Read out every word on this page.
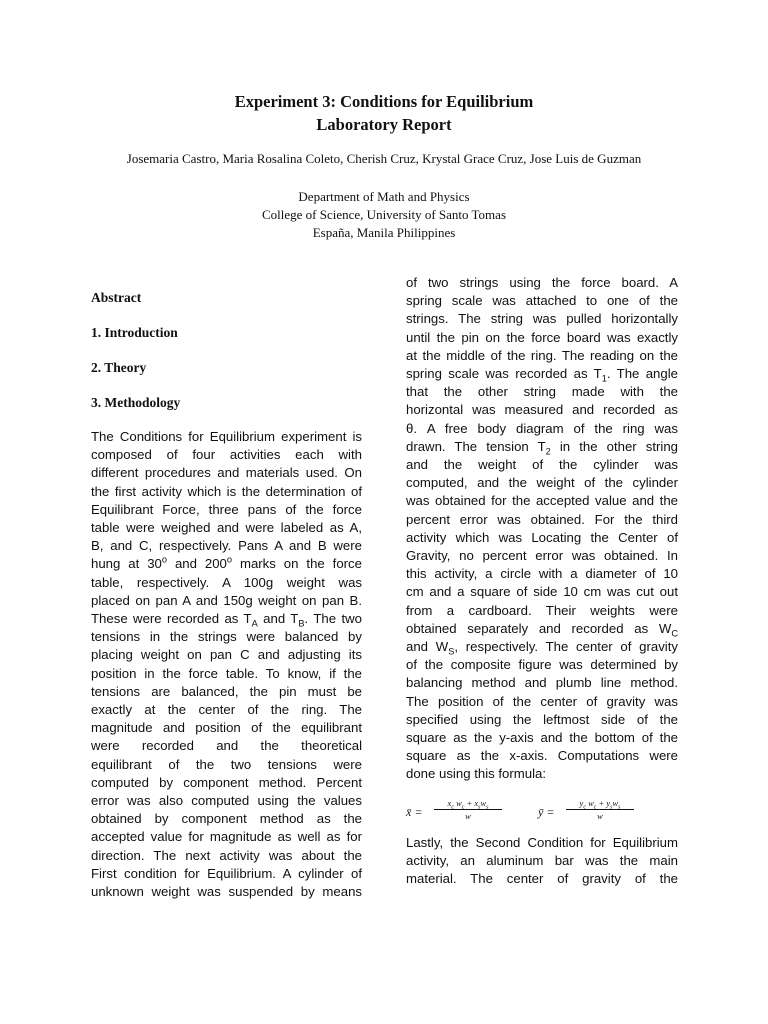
Experiment 3: Conditions for Equilibrium
Laboratory Report
Josemaria Castro, Maria Rosalina Coleto, Cherish Cruz, Krystal Grace Cruz, Jose Luis de Guzman
Department of Math and Physics
College of Science, University of Santo Tomas
España, Manila Philippines
Abstract
1. Introduction
2. Theory
3. Methodology
The Conditions for Equilibrium experiment is
composed of four activities each with
different procedures and materials used. On
the first activity which is the determination of
Equilibrant Force, three pans of the force
table were weighed and were labeled as A,
B, and C, respectively. Pans A and B were
hung at 30$^o$ and 200$^o$ marks on the force
table, respectively. A 100g weight was
placed on pan A and 150g weight on pan B.
These were recorded as $T_A$ and $T_B$. The two
tensions in the strings were balanced by
placing weight on pan C and adjusting its
position in the force table. To know, if the
tensions are balanced, the pin must be
exactly at the center of the ring. The
magnitude and position of the equilibrant
were recorded and the theoretical
equilibrant of the two tensions were
computed by component method. Percent
error was also computed using the values
obtained by component method as the
accepted value for magnitude as well as for
direction. The next activity was about the
First condition for Equilibrium. A cylinder of
unknown weight was suspended by means
of two strings using the force board. A
spring scale was attached to one of the
strings. The string was pulled horizontally
until the pin on the force board was exactly
at the middle of the ring. The reading on the
spring scale was recorded as $T_1$. The angle
that the other string made with the
horizontal was measured and recorded as
θ. A free body diagram of the ring was
drawn. The tension $T_2$ in the other string
and the weight of the cylinder was
computed, and the weight of the cylinder
was obtained for the accepted value and the
percent error was obtained. For the third
activity which was Locating the Center of
Gravity, no percent error was obtained. In
this activity, a circle with a diameter of 10
cm and a square of side 10 cm was cut out
from a cardboard. Their weights were
obtained separately and recorded as $W_C$
and $W_S$, respectively. The center of gravity
of the composite figure was determined by
balancing method and plumb line method.
The position of the center of gravity was
specified using the leftmost side of the
square as the y-axis and the bottom of the
square as the x-axis. Computations were
done using this formula:
x̄ =
$x_c$ $w_c + x_sw_s$
w	ȳ =
$y_c$ $w_c + y_sw_s$
w
Lastly, the Second Condition for Equilibrium
activity, an aluminum bar was the main
material. The center of gravity of the
